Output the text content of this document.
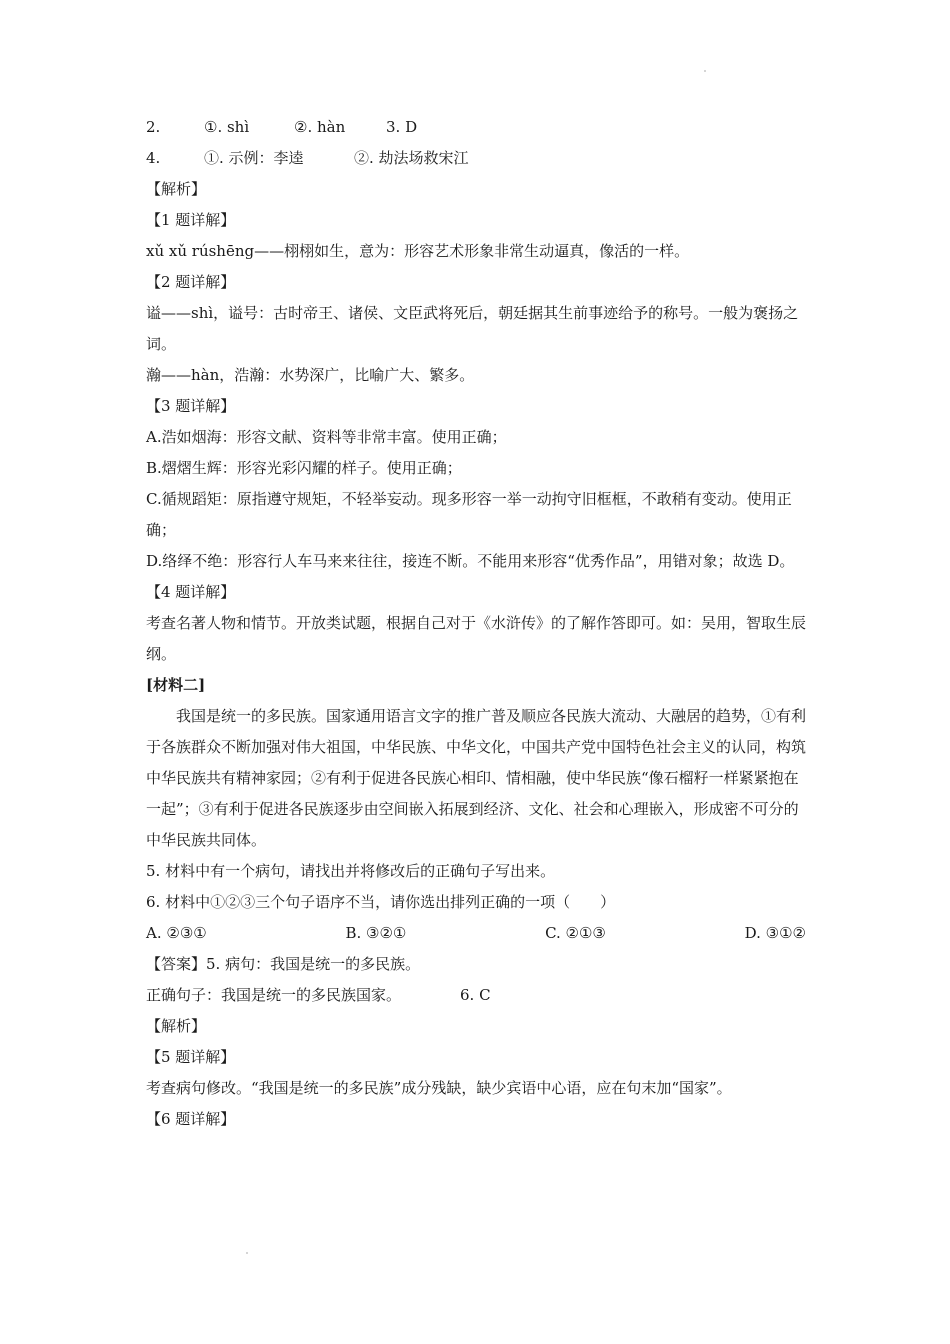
2.	①. shì	②. hàn	3. D
4.	①. 示例：李逵	②. 劫法场救宋江
【解析】
【1 题详解】
xǔ xǔ rúshēng——栩栩如生，意为：形容艺术形象非常生动逼真，像活的一样。
【2 题详解】
谥——shì，谥号：古时帝王、诸侯、文臣武将死后，朝廷据其生前事迹给予的称号。一般为褒扬之词。
瀚——hàn，浩瀚：水势深广，比喻广大、繁多。
【3 题详解】
A.浩如烟海：形容文献、资料等非常丰富。使用正确；
B.熠熠生辉：形容光彩闪耀的样子。使用正确；
C.循规蹈矩：原指遵守规矩，不轻举妄动。现多形容一举一动拘守旧框框，不敢稍有变动。使用正确；
D.络绎不绝：形容行人车马来来往往，接连不断。不能用来形容“优秀作品”，用错对象；故选 D。
【4 题详解】
考查名著人物和情节。开放类试题，根据自己对于《水浒传》的了解作答即可。如：吴用，智取生辰纲。
[材料二]
我国是统一的多民族。国家通用语言文字的推广普及顺应各民族大流动、大融居的趋势，①有利于各族群众不断加强对伟大祖国，中华民族、中华文化，中国共产党中国特色社会主义的认同，构筑中华民族共有精神家园；②有利于促进各民族心相印、情相融，使中华民族“像石榴籽一样紧紧抱在一起”；③有利于促进各民族逐步由空间嵌入拓展到经济、文化、社会和心理嵌入，形成密不可分的中华民族共同体。
5. 材料中有一个病句，请找出并将修改后的正确句子写出来。
6. 材料中①②③三个句子语序不当，请你选出排列正确的一项（　　）
A. ②③①	B. ③②①	C. ②①③	D. ③①②
【答案】5. 病句：我国是统一的多民族。
正确句子：我国是统一的多民族国家。	6. C
【解析】
【5 题详解】
考查病句修改。“我国是统一的多民族”成分残缺，缺少宾语中心语，应在句末加“国家”。
【6 题详解】
